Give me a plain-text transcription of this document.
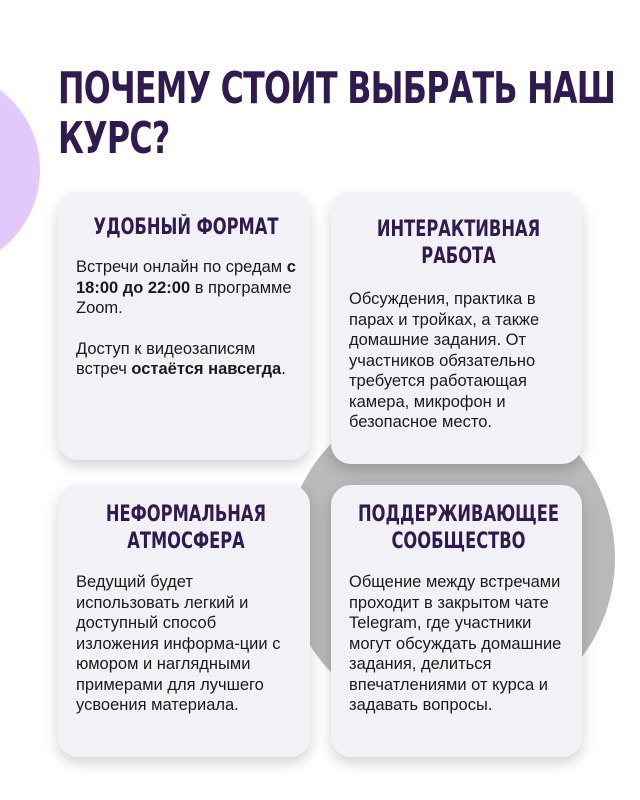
ПОЧЕМУ СТОИТ ВЫБРАТЬ НАШ КУРС?
УДОБНЫЙ ФОРМАТ

Встречи онлайн по средам с 18:00 до 22:00 в программе Zoom.

Доступ к видеозаписям встреч остаётся навсегда.

ИНТЕРАКТИВНАЯ РАБОТА

Обсуждения, практика в парах и тройках, а также домашние задания. От участников обязательно требуется работающая камера, микрофон и безопасное место.

НЕФОРМАЛЬНАЯ АТМОСФЕРА

Ведущий будет использовать легкий и доступный способ изложения информа-ции с юмором и наглядными примерами для лучшего усвоения материала.

ПОДДЕРЖИВАЮЩЕЕ СООБЩЕСТВО

Общение между встречами проходит в закрытом чате Telegram, где участники могут обсуждать домашние задания, делиться впечатлениями от курса и задавать вопросы.
